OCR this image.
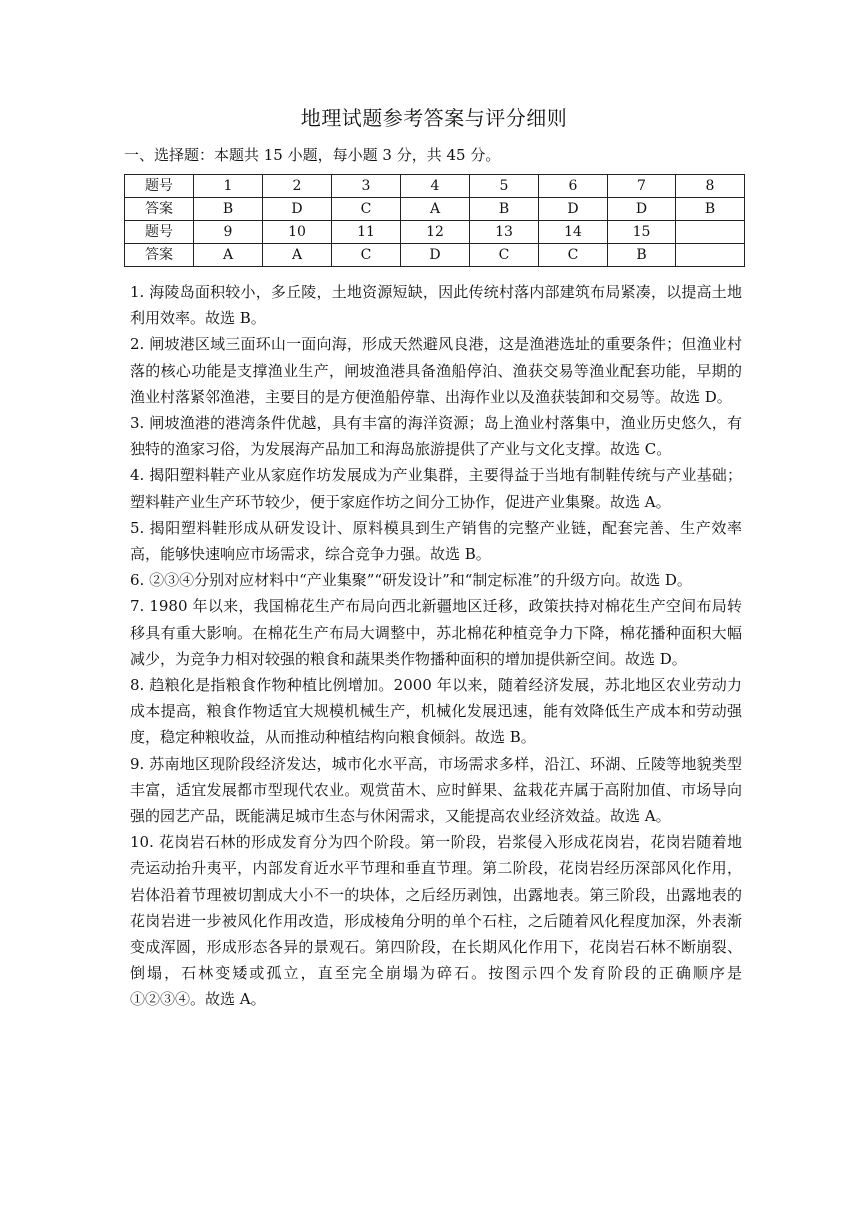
地理试题参考答案与评分细则
一、选择题：本题共 15 小题，每小题 3 分，共 45 分。
题号	1	2	3	4	5	6	7	8
答案	B	D	C	A	B	D	D	B
题号	9	10	11	12	13	14	15	
答案	A	A	C	D	C	C	B	

1. 海陵岛面积较小，多丘陵，土地资源短缺，因此传统村落内部建筑布局紧凑，以提高土地利用效率。故选 B。

2. 闸坡港区域三面环山一面向海，形成天然避风良港，这是渔港选址的重要条件；但渔业村落的核心功能是支撑渔业生产，闸坡渔港具备渔船停泊、渔获交易等渔业配套功能，早期的渔业村落紧邻渔港，主要目的是方便渔船停靠、出海作业以及渔获装卸和交易等。故选 D。

3. 闸坡渔港的港湾条件优越，具有丰富的海洋资源；岛上渔业村落集中，渔业历史悠久，有独特的渔家习俗，为发展海产品加工和海岛旅游提供了产业与文化支撑。故选 C。

4. 揭阳塑料鞋产业从家庭作坊发展成为产业集群，主要得益于当地有制鞋传统与产业基础；塑料鞋产业生产环节较少，便于家庭作坊之间分工协作，促进产业集聚。故选 A。

5. 揭阳塑料鞋形成从研发设计、原料模具到生产销售的完整产业链，配套完善、生产效率高，能够快速响应市场需求，综合竞争力强。故选 B。

6. ②③④分别对应材料中“产业集聚”“研发设计”和“制定标准”的升级方向。故选 D。

7. 1980 年以来，我国棉花生产布局向西北新疆地区迁移，政策扶持对棉花生产空间布局转移具有重大影响。在棉花生产布局大调整中，苏北棉花种植竞争力下降，棉花播种面积大幅减少，为竞争力相对较强的粮食和蔬果类作物播种面积的增加提供新空间。故选 D。

8. 趋粮化是指粮食作物种植比例增加。2000 年以来，随着经济发展，苏北地区农业劳动力成本提高，粮食作物适宜大规模机械生产，机械化发展迅速，能有效降低生产成本和劳动强度，稳定种粮收益，从而推动种植结构向粮食倾斜。故选 B。

9. 苏南地区现阶段经济发达，城市化水平高，市场需求多样，沿江、环湖、丘陵等地貌类型丰富，适宜发展都市型现代农业。观赏苗木、应时鲜果、盆栽花卉属于高附加值、市场导向强的园艺产品，既能满足城市生态与休闲需求，又能提高农业经济效益。故选 A。

10. 花岗岩石林的形成发育分为四个阶段。第一阶段，岩浆侵入形成花岗岩，花岗岩随着地壳运动抬升夷平，内部发育近水平节理和垂直节理。第二阶段，花岗岩经历深部风化作用，岩体沿着节理被切割成大小不一的块体，之后经历剥蚀，出露地表。第三阶段，出露地表的花岗岩进一步被风化作用改造，形成棱角分明的单个石柱，之后随着风化程度加深，外表渐变成浑圆，形成形态各异的景观石。第四阶段，在长期风化作用下，花岗岩石林不断崩裂、倒塌，石林变矮或孤立，直至完全崩塌为碎石。按图示四个发育阶段的正确顺序是①②③④。故选 A。
